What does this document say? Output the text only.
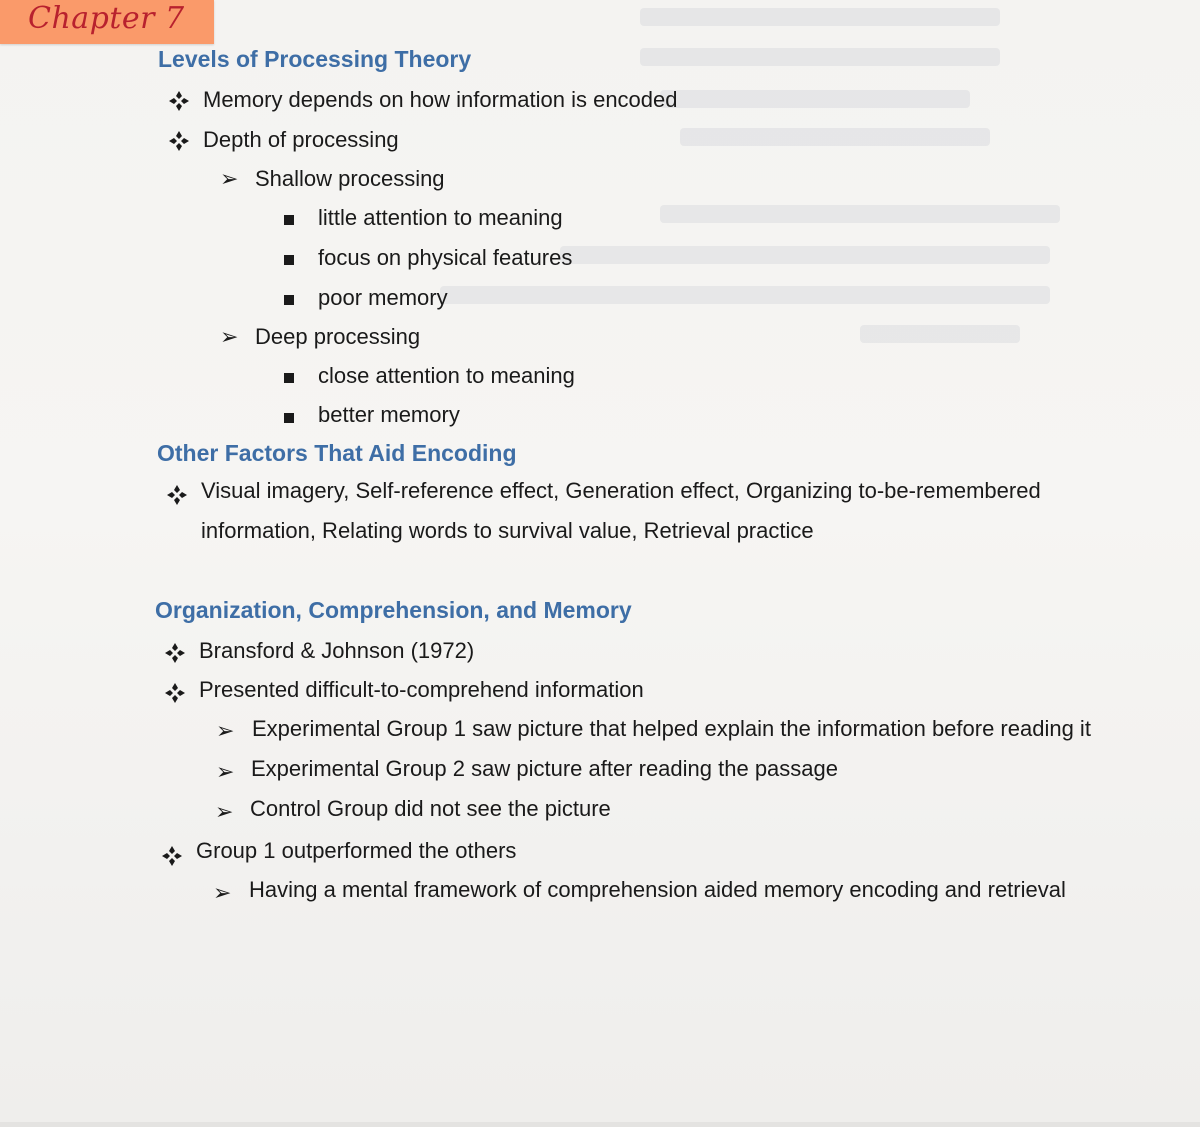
Chapter 7
Levels of Processing Theory
Memory depends on how information is encoded
Depth of processing
➢ Shallow processing
little attention to meaning
focus on physical features
poor memory
➢ Deep processing
close attention to meaning
better memory
Other Factors That Aid Encoding
Visual imagery, Self-reference effect, Generation effect, Organizing to-be-remembered
information, Relating words to survival value, Retrieval practice
Organization, Comprehension, and Memory
Bransford & Johnson (1972)
Presented difficult-to-comprehend information
➢ Experimental Group 1 saw picture that helped explain the information before reading it
➢ Experimental Group 2 saw picture after reading the passage
➢ Control Group did not see the picture
Group 1 outperformed the others
➢ Having a mental framework of comprehension aided memory encoding and retrieval
